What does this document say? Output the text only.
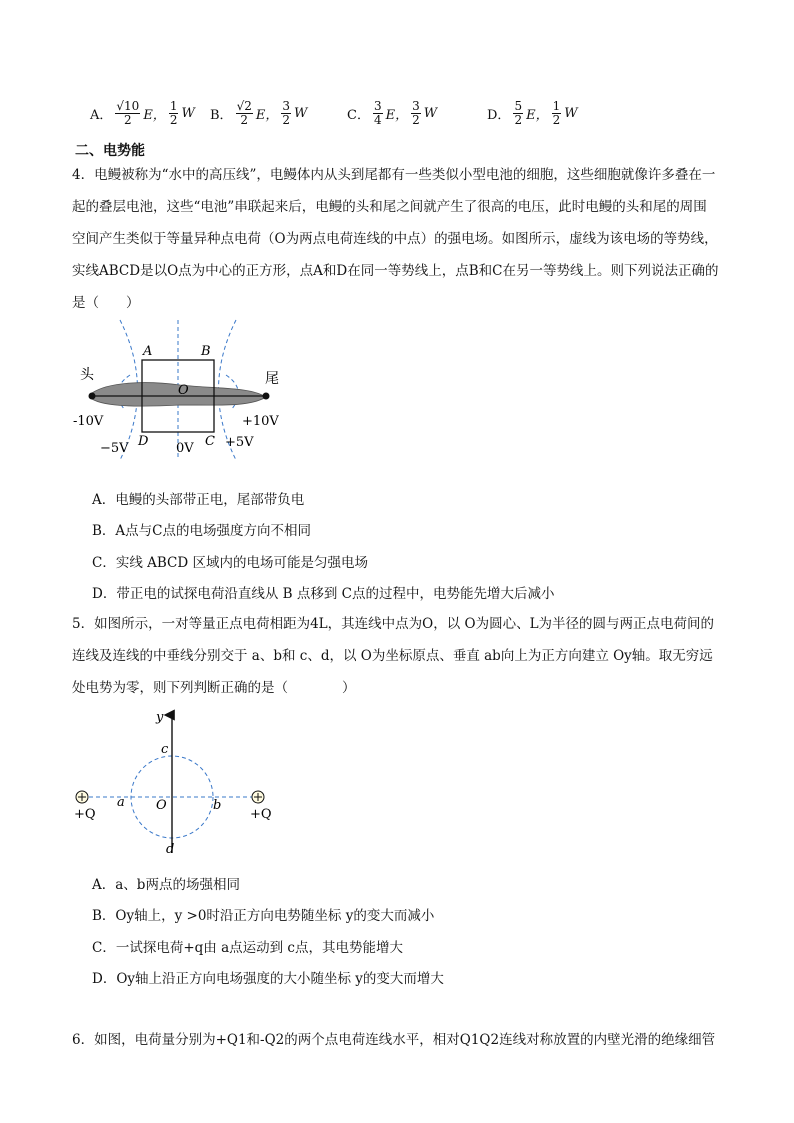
A． $\frac{√10}{2}$ E， $\frac{1}{2}$ W B． $\frac{√2}{2}$ E， $\frac{3}{2}$ W	C． $\frac{3}{4}$ E， $\frac{3}{2}$ W	D． $\frac{5}{2}$ E， $\frac{1}{2}$ W
二、电势能
4．电鳗被称为“水中的高压线”，电鳗体内从头到尾都有一些类似小型电池的细胞，这些细胞就像许多叠在一起的叠层电池，这些“电池”串联起来后，电鳗的头和尾之间就产生了很高的电压，此时电鳗的头和尾的周围空间产生类似于等量异种点电荷（O为两点电荷连线的中点）的强电场。如图所示，虚线为该电场的等势线，实线ABCD是以O点为中心的正方形，点A和D在同一等势线上，点B和C在另一等势线上。则下列说法正确的是（　　）
头	尾
A	B
C
D
O
-10V
−5V	0V +5V
+10V
A．电鳗的头部带正电，尾部带负电
B．A点与C点的电场强度方向不相同
C．实线 ABCD 区域内的电场可能是匀强电场
D．带正电的试探电荷沿直线从 B 点移到 C点的过程中，电势能先增大后减小
5．如图所示，一对等量正点电荷相距为4L，其连线中点为O，以 O为圆心、L为半径的圆与两正点电荷间的连线及连线的中垂线分别交于 a、b和 c、d，以 O为坐标原点、垂直 ab向上为正方向建立 Oy轴。取无穷远处电势为零，则下列判断正确的是（　　　　）
y
c
a O	b
d
+Q	+Q
A．a、b两点的场强相同
B．Oy轴上，y >0时沿正方向电势随坐标 y的变大而减小
C．一试探电荷+q由 a点运动到 c点，其电势能增大
D．Oy轴上沿正方向电场强度的大小随坐标 y的变大而增大
6．如图，电荷量分别为+Q1和-Q2的两个点电荷连线水平，相对Q1Q2连线对称放置的内壁光滑的绝缘细管
